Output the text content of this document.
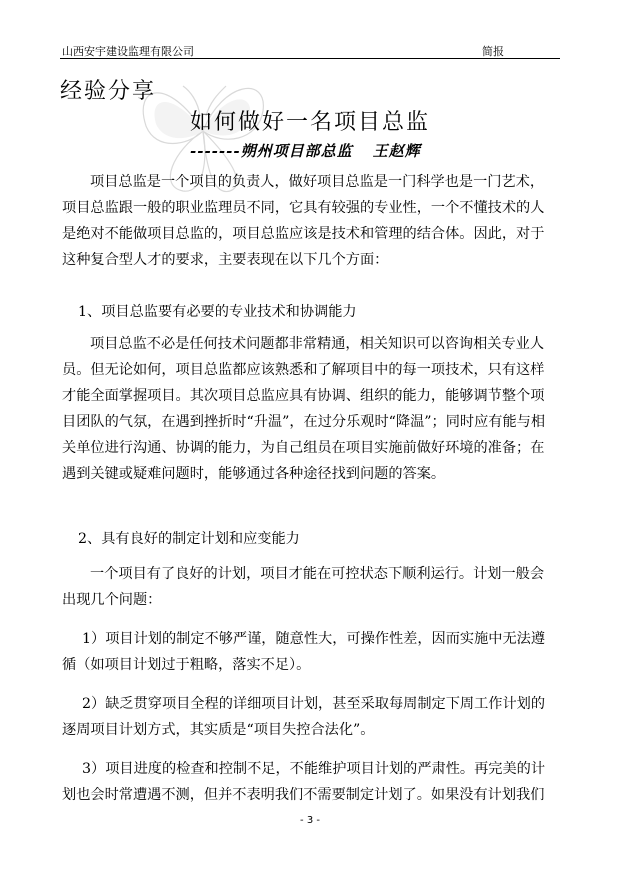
山西安宇建设监理有限公司	简报
经验分享
如何做好一名项目总监
-------朔州项目部总监 王赵辉
项目总监是一个项目的负责人，做好项目总监是一门科学也是一门艺术，
项目总监跟一般的职业监理员不同，它具有较强的专业性，一个不懂技术的人
是绝对不能做项目总监的，项目总监应该是技术和管理的结合体。因此，对于
这种复合型人才的要求，主要表现在以下几个方面：
1、项目总监要有必要的专业技术和协调能力
项目总监不必是任何技术问题都非常精通，相关知识可以咨询相关专业人
员。但无论如何，项目总监都应该熟悉和了解项目中的每一项技术，只有这样
才能全面掌握项目。其次项目总监应具有协调、组织的能力，能够调节整个项
目团队的气氛，在遇到挫折时“升温”，在过分乐观时“降温”；同时应有能与相
关单位进行沟通、协调的能力，为自己组员在项目实施前做好环境的准备；在
遇到关键或疑难问题时，能够通过各种途径找到问题的答案。
2、具有良好的制定计划和应变能力
一个项目有了良好的计划，项目才能在可控状态下顺利运行。计划一般会
出现几个问题：
1）项目计划的制定不够严谨，随意性大，可操作性差，因而实施中无法遵
循（如项目计划过于粗略，落实不足）。
2）缺乏贯穿项目全程的详细项目计划，甚至采取每周制定下周工作计划的
逐周项目计划方式，其实质是“项目失控合法化”。
3）项目进度的检查和控制不足，不能维护项目计划的严肃性。再完美的计
划也会时常遭遇不测，但并不表明我们不需要制定计划了。如果没有计划我们
- 3 -
